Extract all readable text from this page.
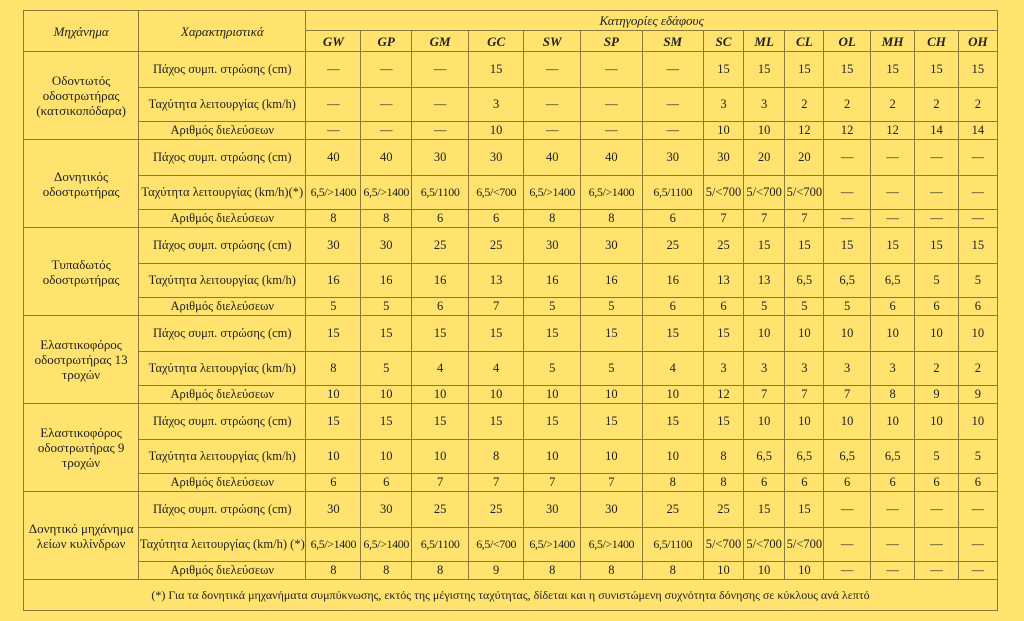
Μηχάνημα	Χαρακτηριστικά	Κατηγορίες εδάφους													
		GW	GP	GM	GC	SW	SP	SM	SC	ML	CL	OL	MH	CH	OH
Οδοντωτός οδοστρωτήρας (κατσικοπόδαρα)	Πάχος συμπ. στρώσης (cm)	—	—	—	15	—	—	—	15	15	15	15	15	15	15
	Ταχύτητα λειτουργίας (km/h)	—	—	—	3	—	—	—	3	3	2	2	2	2	2
	Αριθμός διελεύσεων	—	—	—	10	—	—	—	10	10	12	12	12	14	14
Δονητικός οδοστρωτήρας	Πάχος συμπ. στρώσης (cm)	40	40	30	30	40	40	30	30	20	20	—	—	—	—
	Ταχύτητα λειτουργίας (km/h)(*)	6,5/>1400	6,5/>1400	6,5/1100	6,5/<700	6,5/>1400	6,5/>1400	6,5/1100	5/<700	5/<700	5/<700	—	—	—	—
	Αριθμός διελεύσεων	8	8	6	6	8	8	6	7	7	7	—	—	—	—
Τυπαδωτός οδοστρωτήρας	Πάχος συμπ. στρώσης (cm)	30	30	25	25	30	30	25	25	15	15	15	15	15	15
	Ταχύτητα λειτουργίας (km/h)	16	16	16	13	16	16	16	13	13	6,5	6,5	6,5	5	5
	Αριθμός διελεύσεων	5	5	6	7	5	5	6	6	5	5	5	6	6	6
Ελαστικοφόρος οδοστρωτήρας 13 τροχών	Πάχος συμπ. στρώσης (cm)	15	15	15	15	15	15	15	15	10	10	10	10	10	10
	Ταχύτητα λειτουργίας (km/h)	8	5	4	4	5	5	4	3	3	3	3	3	2	2
	Αριθμός διελεύσεων	10	10	10	10	10	10	10	12	7	7	7	8	9	9
Ελαστικοφόρος οδοστρωτήρας 9 τροχών	Πάχος συμπ. στρώσης (cm)	15	15	15	15	15	15	15	15	10	10	10	10	10	10
	Ταχύτητα λειτουργίας (km/h)	10	10	10	8	10	10	10	8	6,5	6,5	6,5	6,5	5	5
	Αριθμός διελεύσεων	6	6	7	7	7	7	8	8	6	6	6	6	6	6
Δονητικό μηχάνημα λείων κυλίνδρων	Πάχος συμπ. στρώσης (cm)	30	30	25	25	30	30	25	25	15	15	—	—	—	—
	Ταχύτητα λειτουργίας (km/h) (*)	6,5/>1400	6,5/>1400	6,5/1100	6,5/<700	6,5/>1400	6,5/>1400	6,5/1100	5/<700	5/<700	5/<700	—	—	—	—
	Αριθμός διελεύσεων	8	8	8	9	8	8	8	10	10	10	—	—	—	—
(*) Για τα δονητικά μηχανήματα συμπύκνωσης, εκτός της μέγιστης ταχύτητας, δίδεται και η συνιστώμενη συχνότητα δόνησης σε κύκλους ανά λεπτό															
